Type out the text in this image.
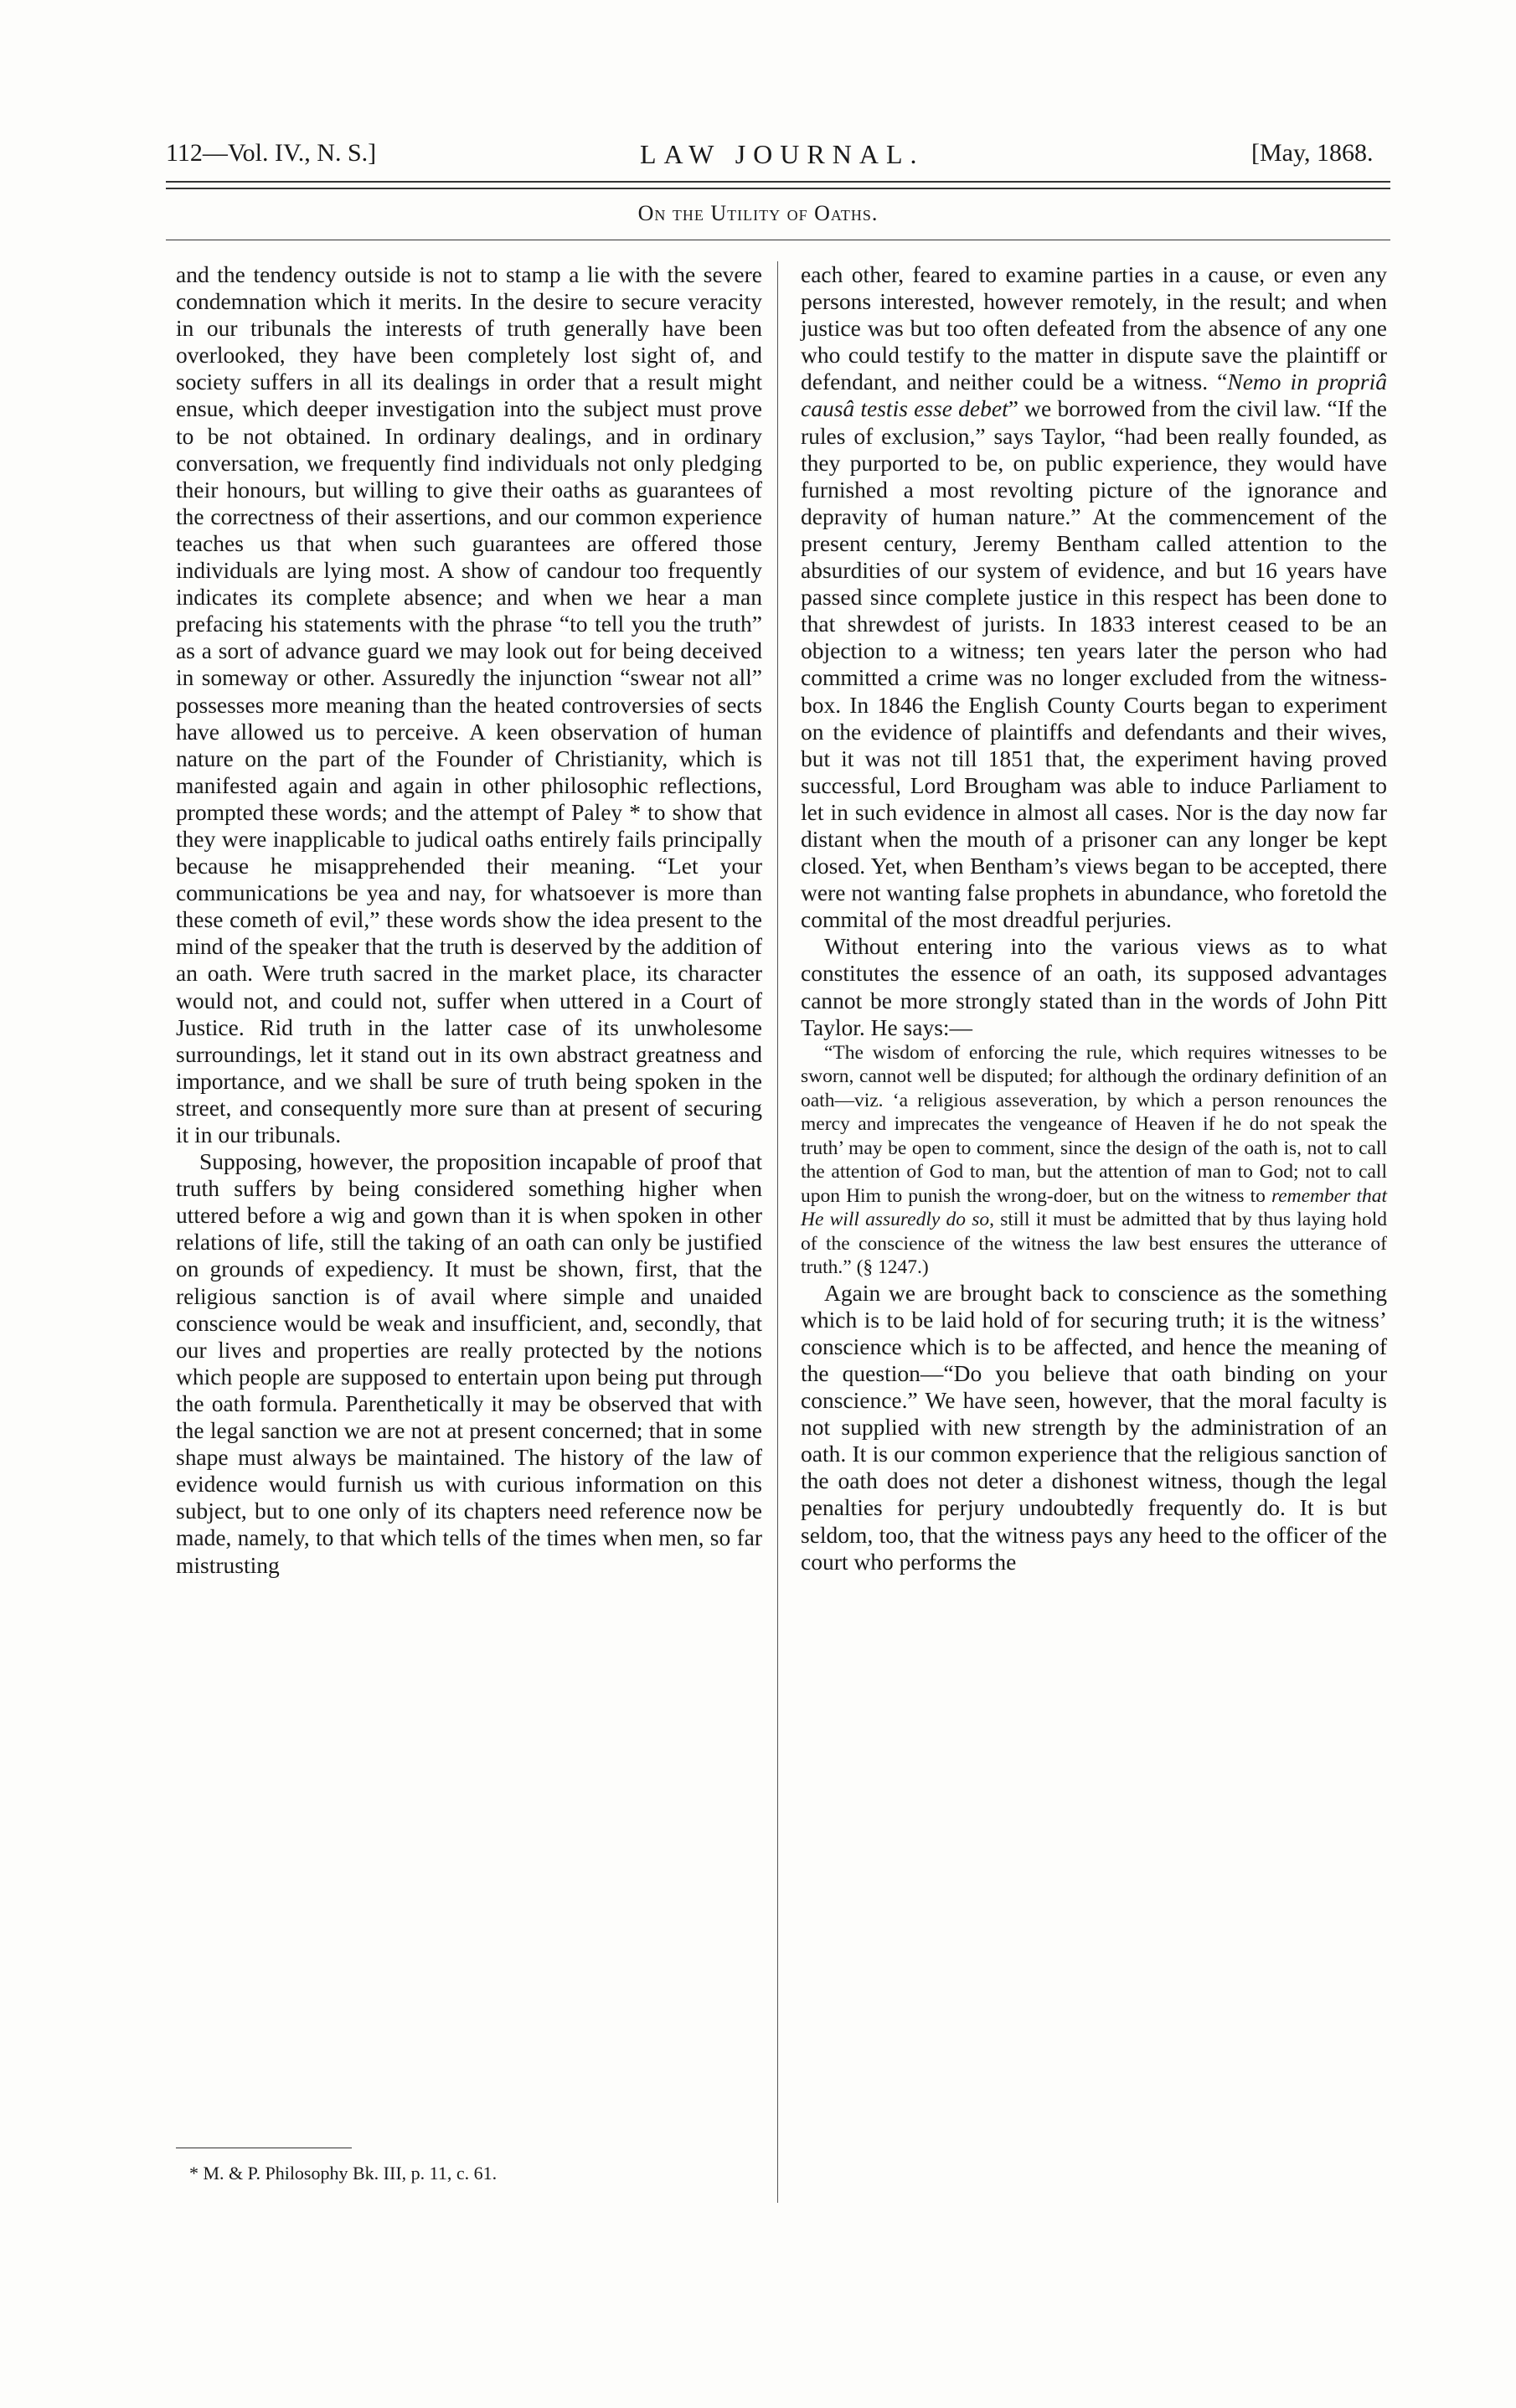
112—Vol. IV., N. S.]	LAW JOURNAL.	[May, 1868.
On the Utility of Oaths.

and the tendency outside is not to stamp a lie with the severe condemnation which it merits. In the desire to secure veracity in our tribunals the interests of truth generally have been overlooked, they have been completely lost sight of, and society suffers in all its dealings in order that a result might ensue, which deeper investigation into the subject must prove to be not obtained. In ordinary dealings, and in ordinary conversation, we frequently find individuals not only pledging their honours, but willing to give their oaths as guarantees of the correctness of their assertions, and our common experience teaches us that when such guarantees are offered those individuals are lying most. A show of candour too frequently indicates its complete absence; and when we hear a man prefacing his statements with the phrase “to tell you the truth” as a sort of advance guard we may look out for being deceived in someway or other. Assuredly the injunction “swear not all” possesses more meaning than the heated controversies of sects have allowed us to perceive. A keen observation of human nature on the part of the Founder of Christianity, which is manifested again and again in other philosophic reflections, prompted these words; and the attempt of Paley * to show that they were inapplicable to judical oaths entirely fails principally because he misapprehended their meaning. “Let your communications be yea and nay, for whatsoever is more than these cometh of evil,” these words show the idea present to the mind of the speaker that the truth is deserved by the addition of an oath. Were truth sacred in the market place, its character would not, and could not, suffer when uttered in a Court of Justice. Rid truth in the latter case of its unwholesome surroundings, let it stand out in its own abstract greatness and importance, and we shall be sure of truth being spoken in the street, and consequently more sure than at present of securing it in our tribunals.

Supposing, however, the proposition incapable of proof that truth suffers by being considered something higher when uttered before a wig and gown than it is when spoken in other relations of life, still the taking of an oath can only be justified on grounds of expediency. It must be shown, first, that the religious sanction is of avail where simple and unaided conscience would be weak and insufficient, and, secondly, that our lives and properties are really protected by the notions which people are supposed to entertain upon being put through the oath formula. Parenthetically it may be observed that with the legal sanction we are not at present concerned; that in some shape must always be maintained. The history of the law of evidence would furnish us with curious information on this subject, but to one only of its chapters need reference now be made, namely, to that which tells of the times when men, so far mistrusting

each other, feared to examine parties in a cause, or even any persons interested, however remotely, in the result; and when justice was but too often defeated from the absence of any one who could testify to the matter in dispute save the plaintiff or defendant, and neither could be a witness. “Nemo in propriâ causâ testis esse debet” we borrowed from the civil law. “If the rules of exclusion,” says Taylor, “had been really founded, as they purported to be, on public experience, they would have furnished a most revolting picture of the ignorance and depravity of human nature.” At the commencement of the present century, Jeremy Bentham called attention to the absurdities of our system of evidence, and but 16 years have passed since complete justice in this respect has been done to that shrewdest of jurists. In 1833 interest ceased to be an objection to a witness; ten years later the person who had committed a crime was no longer excluded from the witness-box. In 1846 the English County Courts began to experiment on the evidence of plaintiffs and defendants and their wives, but it was not till 1851 that, the experiment having proved successful, Lord Brougham was able to induce Parliament to let in such evidence in almost all cases. Nor is the day now far distant when the mouth of a prisoner can any longer be kept closed. Yet, when Bentham’s views began to be accepted, there were not wanting false prophets in abundance, who foretold the commital of the most dreadful perjuries.

Without entering into the various views as to what constitutes the essence of an oath, its supposed advantages cannot be more strongly stated than in the words of John Pitt Taylor. He says:—

“The wisdom of enforcing the rule, which requires witnesses to be sworn, cannot well be disputed; for although the ordinary definition of an oath—viz. ‘a religious asseveration, by which a person renounces the mercy and imprecates the vengeance of Heaven if he do not speak the truth’ may be open to comment, since the design of the oath is, not to call the attention of God to man, but the attention of man to God; not to call upon Him to punish the wrong-doer, but on the witness to remember that He will assuredly do so, still it must be admitted that by thus laying hold of the conscience of the witness the law best ensures the utterance of truth.” (§ 1247.)

Again we are brought back to conscience as the something which is to be laid hold of for securing truth; it is the witness’ conscience which is to be affected, and hence the meaning of the question—“Do you believe that oath binding on your conscience.” We have seen, however, that the moral faculty is not supplied with new strength by the administration of an oath. It is our common experience that the religious sanction of the oath does not deter a dishonest witness, though the legal penalties for perjury undoubtedly frequently do. It is but seldom, too, that the witness pays any heed to the officer of the court who performs the

* M. & P. Philosophy Bk. III, p. 11, c. 61.
